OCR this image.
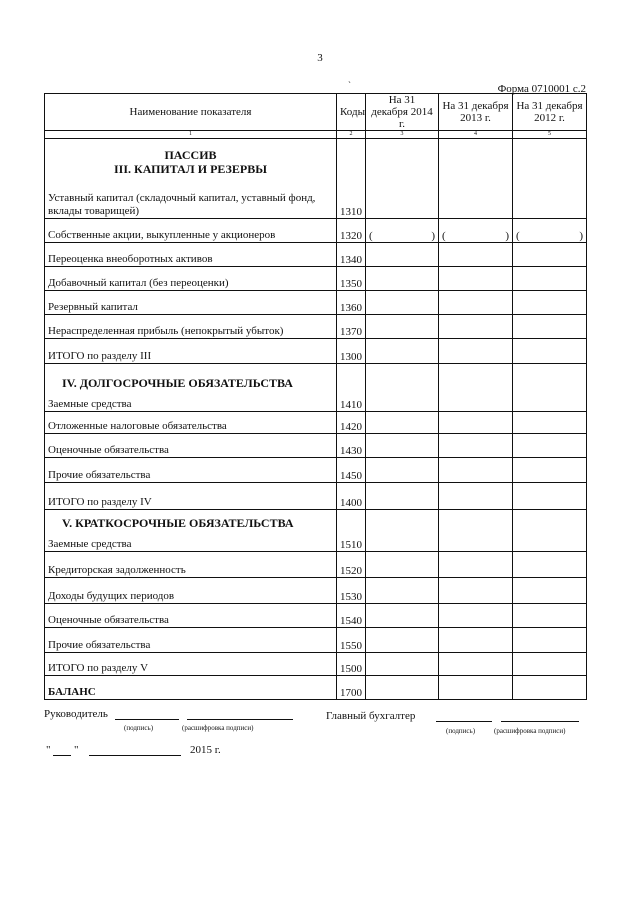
3
`	Форма 0710001 с.2
Наименование показателя	Коды	На 31 декабря 2014 г.	На 31 декабря 2013 г.	На 31 декабря 2012 г.
1	2	3	4	5

ПАССИВ
III. КАПИТАЛ И РЕЗЕРВЫ
Уставный капитал (складочный капитал, уставный фонд, вклады товарищей)	1310			
Собственные акции, выкупленные у акционеров	1320	( )	( )	( )

Переоценка внеоборотных активов	1340			
Добавочный капитал (без переоценки)	1350			
Резервный капитал	1360			
Нераспределенная прибыль (непокрытый убыток)	1370			
ИТОГО по разделу III	1300			

IV. ДОЛГОСРОЧНЫЕ ОБЯЗАТЕЛЬСТВА
Заемные средства	1410			
Отложенные налоговые обязательства	1420			
Оценочные обязательства	1430			
Прочие обязательства	1450			
ИТОГО по разделу IV	1400			

V. КРАТКОСРОЧНЫЕ ОБЯЗАТЕЛЬСТВА
Заемные средства	1510			
Кредиторская задолженность	1520			
Доходы будущих периодов	1530			
Оценочные обязательства	1540			
Прочие обязательства	1550			
ИТОГО по разделу V	1500			
БАЛАНС	1700			
Руководитель
(подпись)	(расшифровка подписи)
Главный бухгалтер
(подпись)	(расшифровка подписи)
" "	2015 г.
